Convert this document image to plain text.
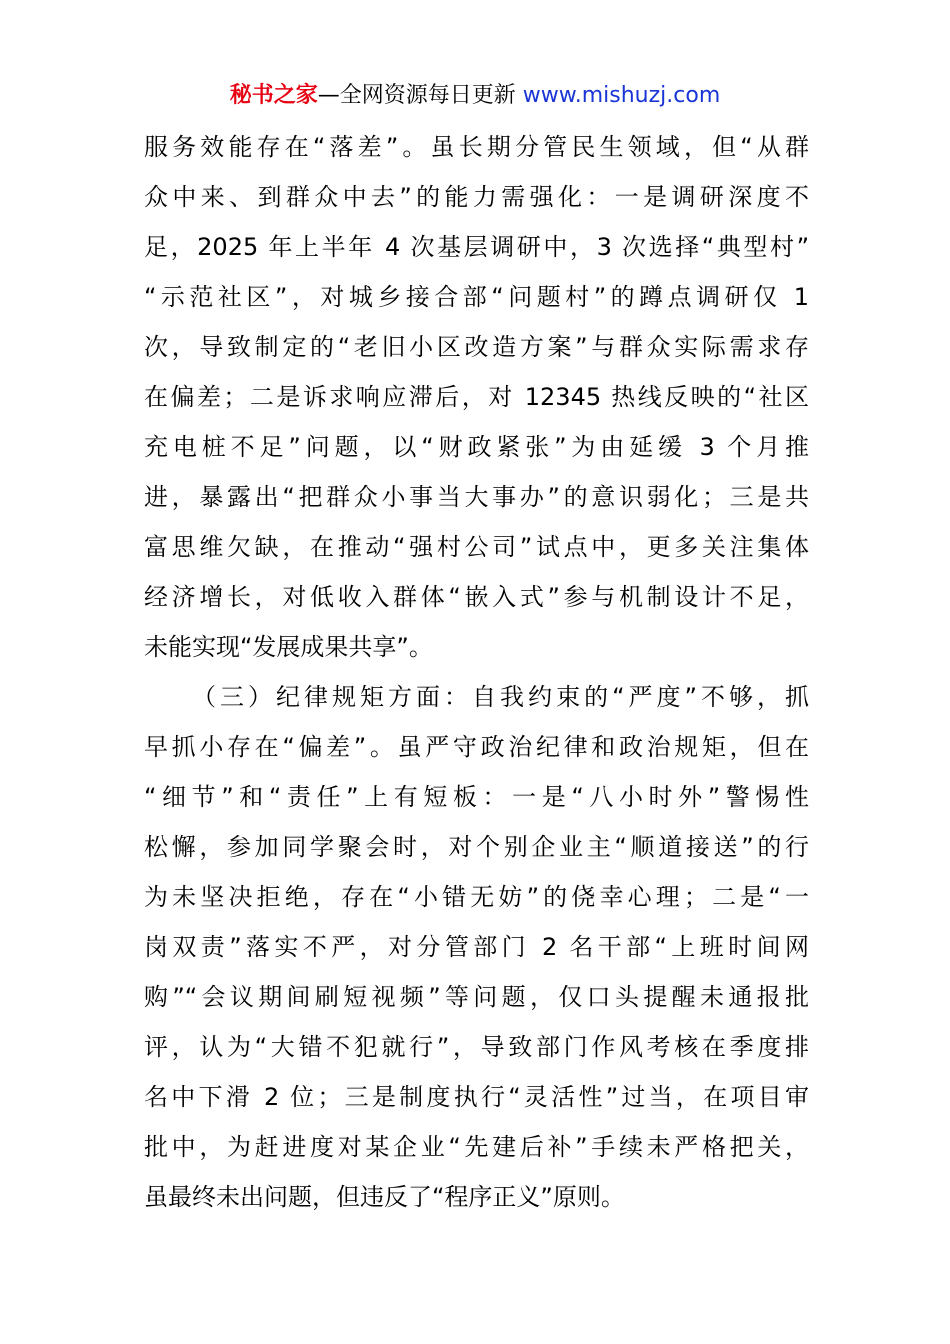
秘书之家—全网资源每日更新 www.mishuzj.com
服务效能存在“落差”。虽长期分管民生领域，但“从群
众中来、到群众中去”的能力需强化：一是调研深度不
足，2025 年上半年 4 次基层调研中，3 次选择“典型村”
“示范社区”，对城乡接合部“问题村”的蹲点调研仅 1
次，导致制定的“老旧小区改造方案”与群众实际需求存
在偏差；二是诉求响应滞后，对 12345 热线反映的“社区
充电桩不足”问题，以“财政紧张”为由延缓 3 个月推
进，暴露出“把群众小事当大事办”的意识弱化；三是共
富思维欠缺，在推动“强村公司”试点中，更多关注集体
经济增长，对低收入群体“嵌入式”参与机制设计不足，
未能实现“发展成果共享”。
（三）纪律规矩方面：自我约束的“严度”不够，抓
早抓小存在“偏差”。虽严守政治纪律和政治规矩，但在
“细节”和“责任”上有短板：一是“八小时外”警惕性
松懈，参加同学聚会时，对个别企业主“顺道接送”的行
为未坚决拒绝，存在“小错无妨”的侥幸心理；二是“一
岗双责”落实不严，对分管部门 2 名干部“上班时间网
购”“会议期间刷短视频”等问题，仅口头提醒未通报批
评，认为“大错不犯就行”，导致部门作风考核在季度排
名中下滑 2 位；三是制度执行“灵活性”过当，在项目审
批中，为赶进度对某企业“先建后补”手续未严格把关，
虽最终未出问题，但违反了“程序正义”原则。
